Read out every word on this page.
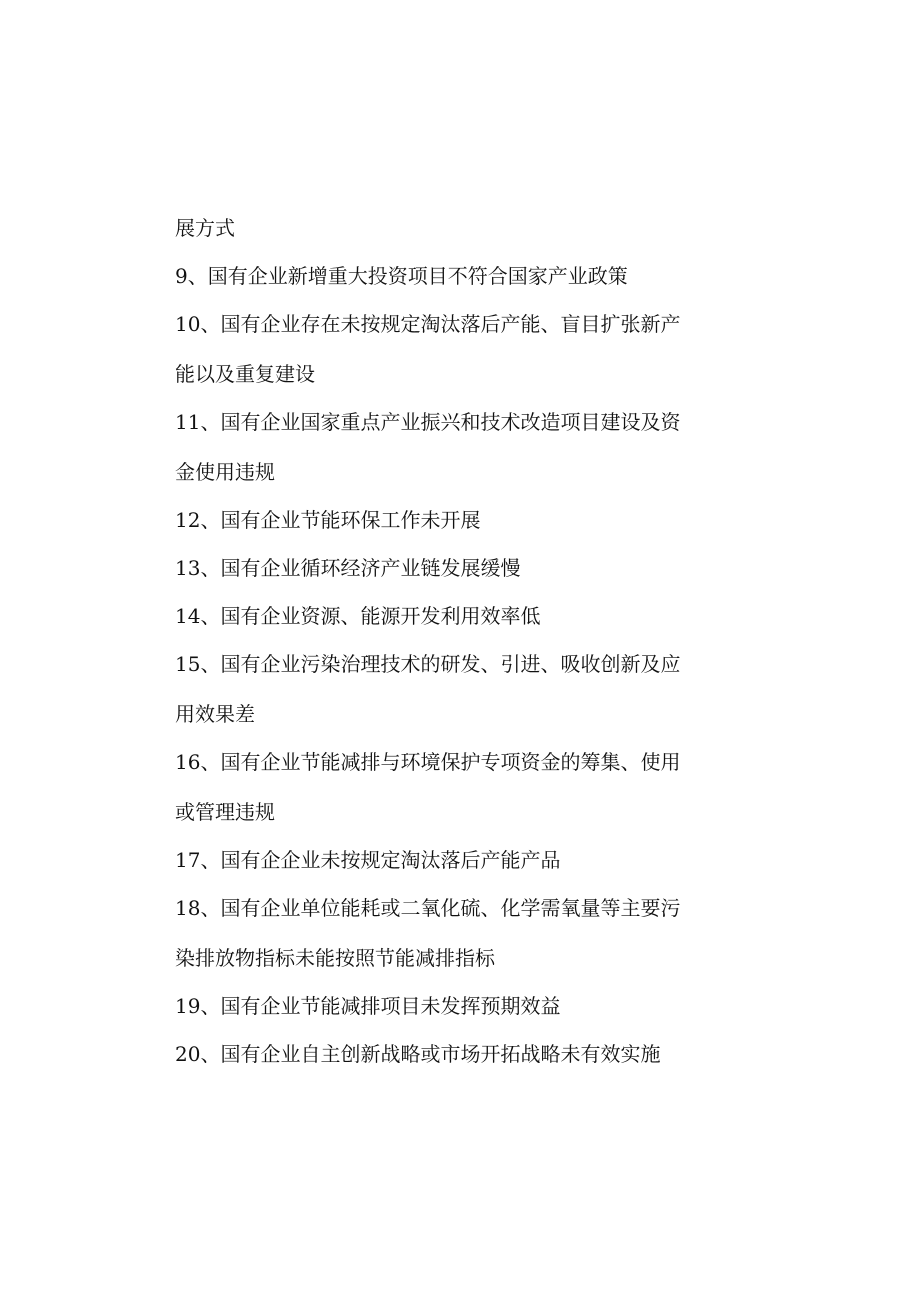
展方式
9、国有企业新增重大投资项目不符合国家产业政策
10、国有企业存在未按规定淘汰落后产能、盲目扩张新产
能以及重复建设
11、国有企业国家重点产业振兴和技术改造项目建设及资
金使用违规
12、国有企业节能环保工作未开展
13、国有企业循环经济产业链发展缓慢
14、国有企业资源、能源开发利用效率低
15、国有企业污染治理技术的研发、引进、吸收创新及应
用效果差
16、国有企业节能减排与环境保护专项资金的筹集、使用
或管理违规
17、国有企企业未按规定淘汰落后产能产品
18、国有企业单位能耗或二氧化硫、化学需氧量等主要污
染排放物指标未能按照节能减排指标
19、国有企业节能减排项目未发挥预期效益
20、国有企业自主创新战略或市场开拓战略未有效实施
